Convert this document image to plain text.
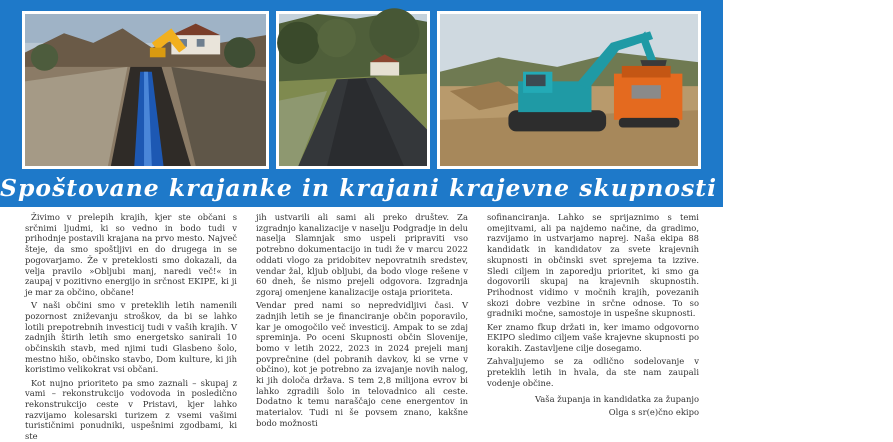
Spoštovane krajanke in krajani krajevne skupnosti Stročja vas!

Živimo v prelepih krajih, kjer ste občani s srčnimi ljudmi, ki so vedno in bodo tudi v prihodnje postavili krajana na prvo mesto. Največ šteje, da smo spoštljivi en do drugega in se pogovarjamo. Že v preteklosti smo dokazali, da velja pravilo »Obljubi manj, naredi več!« in zaupaj v pozitivno energijo in srčnost EKIPE, ki ji je mar za občino, občane!

V naši občini smo v preteklih letih namenili pozornost zniževanju stroškov, da bi se lahko lotili prepotrebnih investicij tudi v vaših krajih. V zadnjih štirih letih smo energetsko sanirali 10 občinskih stavb, med njimi tudi Glasbeno šolo, mestno hišo, občinsko stavbo, Dom kulture, ki jih koristimo velikokrat vsi občani.

Kot nujno prioriteto pa smo zaznali – skupaj z vami – rekonstrukcijo vodovoda in posledično rekonstrukcijo ceste v Pristavi, kjer lahko razvijamo kolesarski turizem z vsemi vašimi turističnimi ponudniki, uspešnimi zgodbami, ki ste

jih ustvarili ali sami ali preko društev. Za izgradnjo kanalizacije v naselju Podgradje in delu naselja Slamnjak smo uspeli pripraviti vso potrebno dokumentacijo in tudi že v marcu 2022 oddati vlogo za pridobitev nepovratnih sredstev, vendar žal, kljub obljubi, da bodo vloge rešene v 60 dneh, še nismo prejeli odgovora. Izgradnja zgoraj omenjene kanalizacije ostaja prioriteta.

Vendar pred nami so nepredvidljivi časi. V zadnjih letih se je financiranje občin poporavilo, kar je omogočilo več investicij. Ampak to se zdaj spreminja. Po oceni Skupnosti občin Slovenije, bomo v letih 2022, 2023 in 2024 prejeli manj povprečnine (del pobranih davkov, ki se vrne v občino), kot je potrebno za izvajanje novih nalog, ki jih določa država. S tem 2,8 milijona evrov bi lahko zgradili šolo in telovadnico ali ceste. Dodatno k temu naraščajo cene energentov in materialov. Tudi ni še povsem znano, kakšne bodo možnosti

sofinanciranja. Lahko se sprijaznimo s temi omejitvami, ali pa najdemo načine, da gradimo, razvijamo in ustvarjamo naprej. Naša ekipa 88 kandidatk in kandidatov za svete krajevnih skupnosti in občinski svet sprejema ta izzive. Sledi ciljem in zaporedju prioritet, ki smo ga dogovorili skupaj na krajevnih skupnostih. Prihodnost vidimo v močnih krajih, povezanih skozi dobre vezbine in srčne odnose. To so gradniki močne, samostoje in uspešne skupnosti.

Ker znamo fkup držati in, ker imamo odgovorno EKIPO sledimo ciljem vaše krajevne skupnosti po korakih. Zastavljene cilje dosegamo.

Zahvaljujemo se za odlično sodelovanje v preteklih letih in hvala, da ste nam zaupali vodenje občine.

Vaša županja in kandidatka za županjo

Olga s sr(e)čno ekipo
